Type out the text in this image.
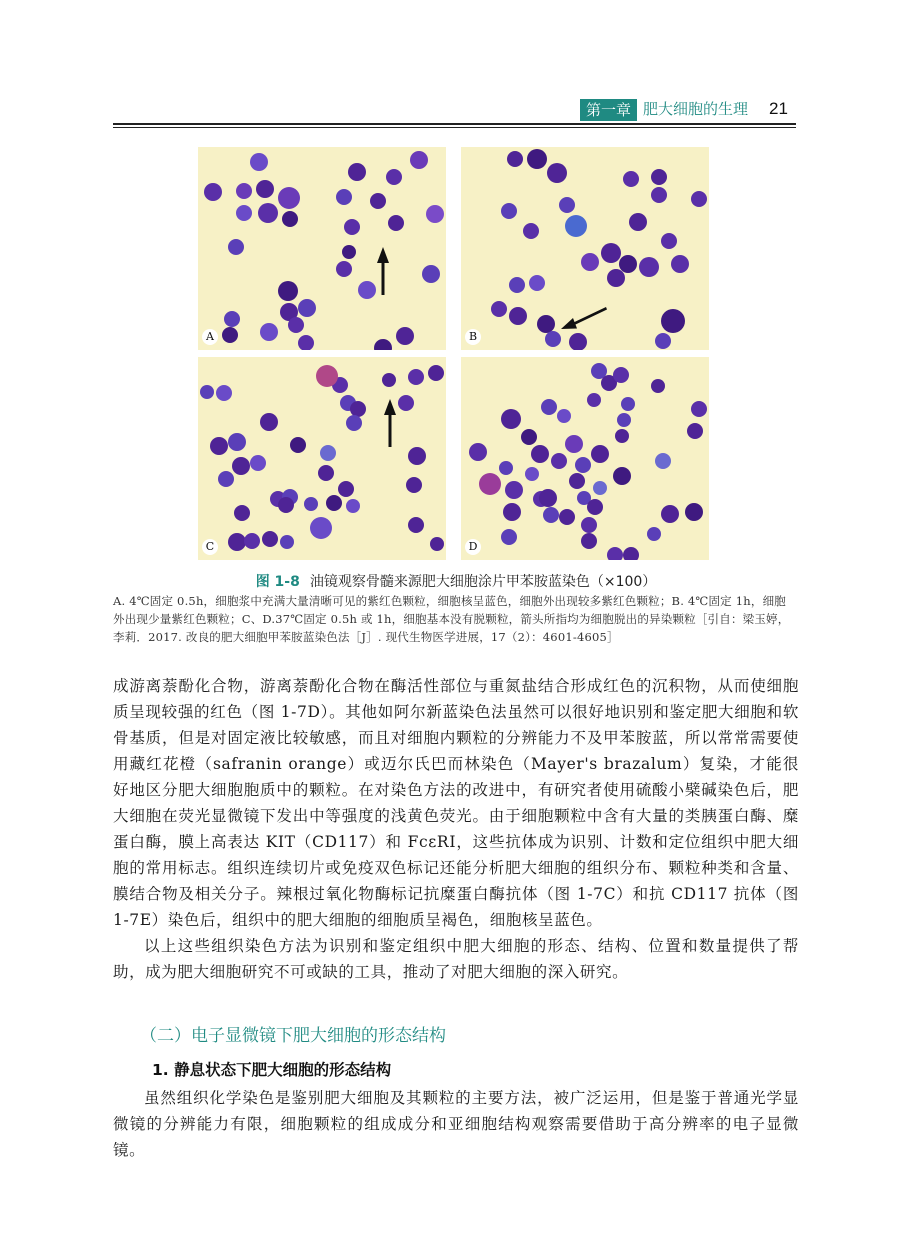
第一章 肥大细胞的生理 21
A	B
C	D
图 1-8 油镜观察骨髓来源肥大细胞涂片甲苯胺蓝染色（×100）
A. 4℃固定 0.5h，细胞浆中充满大量清晰可见的紫红色颗粒，细胞核呈蓝色，细胞外出现较多紫红色颗粒；B. 4℃固定 1h，细胞外出现少量紫红色颗粒；C、D.37℃固定 0.5h 或 1h，细胞基本没有脱颗粒，箭头所指均为细胞脱出的异染颗粒［引自：梁玉婷，李莉．2017. 改良的肥大细胞甲苯胺蓝染色法［J］. 现代生物医学进展，17（2）：4601-4605］

成游离萘酚化合物，游离萘酚化合物在酶活性部位与重氮盐结合形成红色的沉积物，从而使细胞质呈现较强的红色（图 1-7D）。其他如阿尔新蓝染色法虽然可以很好地识别和鉴定肥大细胞和软骨基质，但是对固定液比较敏感，而且对细胞内颗粒的分辨能力不及甲苯胺蓝，所以常常需要使用藏红花橙（safranin orange）或迈尔氏巴而林染色（Mayer's brazalum）复染，才能很好地区分肥大细胞胞质中的颗粒。在对染色方法的改进中，有研究者使用硫酸小檗碱染色后，肥大细胞在荧光显微镜下发出中等强度的浅黄色荧光。由于细胞颗粒中含有大量的类胰蛋白酶、糜蛋白酶，膜上高表达 KIT（CD117）和 FcεRⅠ，这些抗体成为识别、计数和定位组织中肥大细胞的常用标志。组织连续切片或免疫双色标记还能分析肥大细胞的组织分布、颗粒种类和含量、膜结合物及相关分子。辣根过氧化物酶标记抗糜蛋白酶抗体（图 1-7C）和抗 CD117 抗体（图 1-7E）染色后，组织中的肥大细胞的细胞质呈褐色，细胞核呈蓝色。

以上这些组织染色方法为识别和鉴定组织中肥大细胞的形态、结构、位置和数量提供了帮助，成为肥大细胞研究不可或缺的工具，推动了对肥大细胞的深入研究。

（二）电子显微镜下肥大细胞的形态结构
1. 静息状态下肥大细胞的形态结构

虽然组织化学染色是鉴别肥大细胞及其颗粒的主要方法，被广泛运用，但是鉴于普通光学显微镜的分辨能力有限，细胞颗粒的组成成分和亚细胞结构观察需要借助于高分辨率的电子显微镜。
